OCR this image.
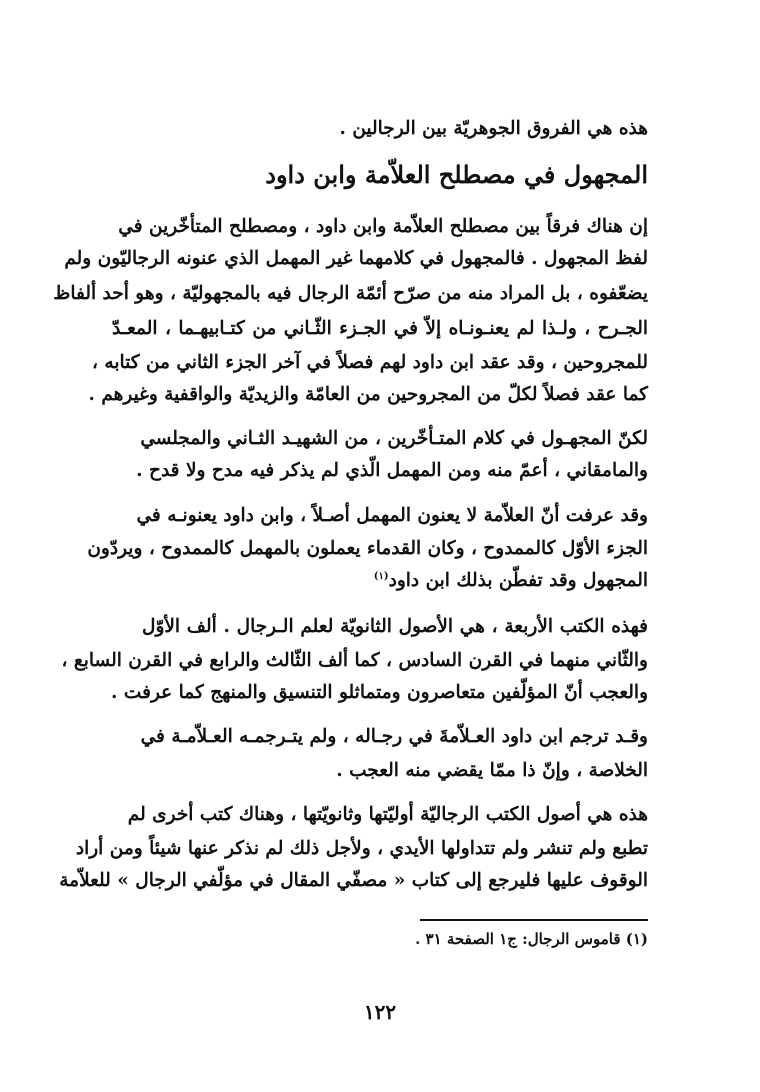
هذه هي الفروق الجوهريّة بين الرجالين .

المجهول في مصطلح العلاّمة وابن داود
إن هناك فرقاً بين مصطلح العلاّمة وابن داود ، ومصطلح المتأخّرين في
لفظ المجهول . فالمجهول في كلامهما غير المهمل الذي عنونه الرجاليّون ولم
يضعّفوه ، بل المراد منه من صرّح أئمّة الرجال فيه بالمجهوليّة ، وهو أحد ألفاظ
الجـرح ، ولـذا لم يعنـونـاه إلاّ في الجـزء الثّـاني من كتـابيهـما ، المعـدّ
للمجروحين ، وقد عقد ابن داود لهم فصلاً في آخر الجزء الثاني من كتابه ،
كما عقد فصلاً لكلّ من المجروحين من العامّة والزيديّة والواقفية وغيرهم .
لكنّ المجهـول في كلام المتـأخّرين ، من الشهيـد الثـاني والمجلسي
والمامقاني ، أعمّ منه ومن المهمل الّذي لم يذكر فيه مدح ولا قدح .
وقد عرفت أنّ العلاّمة لا يعنون المهمل أصـلاً ، وابن داود يعنونـه في
الجزء الأوّل كالممدوح ، وكان القدماء يعملون بالمهمل كالممدوح ، ويردّون
المجهول وقد تفطّن بذلك ابن داود$^{(١)}$
فهذه الكتب الأربعة ، هي الأصول الثانويّة لعلم الـرجال . ألف الأوّل
والثّاني منهما في القرن السادس ، كما ألف الثّالث والرابع في القرن السابع ،
والعجب أنّ المؤلّفين متعاصرون ومتماثلو التنسيق والمنهج كما عرفت .
وقـد ترجم ابن داود العـلاّمةَ في رجـاله ، ولم يتـرجمـه العـلاّمـة في
الخلاصة ، وإنّ ذا ممّا يقضي منه العجب .
هذه هي أصول الكتب الرجاليّة أوليّتها وثانويّتها ، وهناك كتب أخرى لم
تطبع ولم تنشر ولم تتداولها الأيدي ، ولأجل ذلك لم نذكر عنها شيئاً ومن أراد
الوقوف عليها فليرجع إلى كتاب « مصفّي المقال في مؤلّفي الرجال » للعلاّمة
(١) قاموس الرجال: ج١ الصفحة ٣١ .
١٢٢
